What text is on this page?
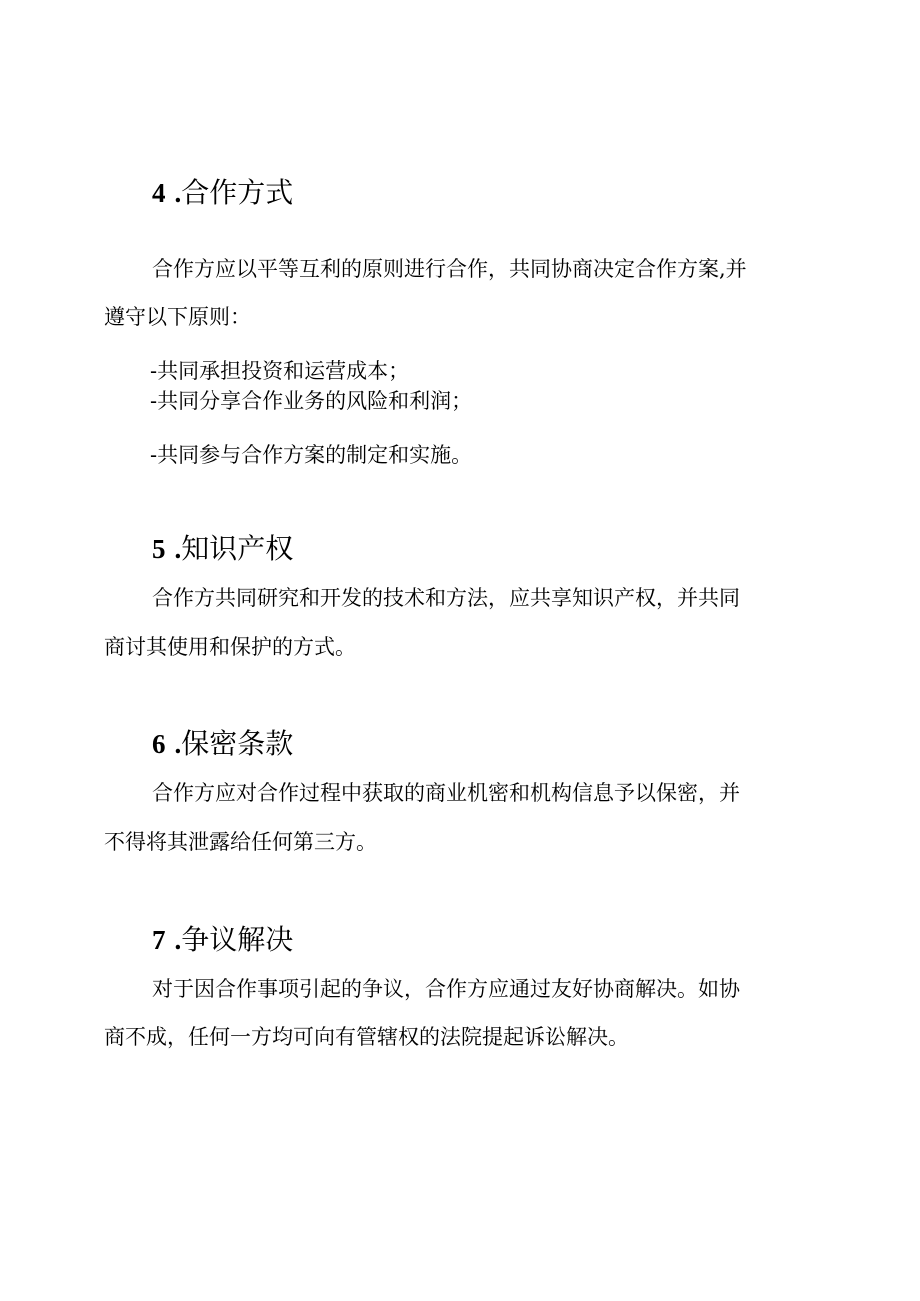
4 .合作方式

合作方应以平等互利的原则进行合作，共同协商决定合作方案,并

遵守以下原则：

-共同承担投资和运营成本；

-共同分享合作业务的风险和利润；

-共同参与合作方案的制定和实施。

5 .知识产权

合作方共同研究和开发的技术和方法，应共享知识产权，并共同

商讨其使用和保护的方式。

6 .保密条款

合作方应对合作过程中获取的商业机密和机构信息予以保密，并

不得将其泄露给任何第三方。

7 .争议解决

对于因合作事项引起的争议，合作方应通过友好协商解决。如协

商不成，任何一方均可向有管辖权的法院提起诉讼解决。
